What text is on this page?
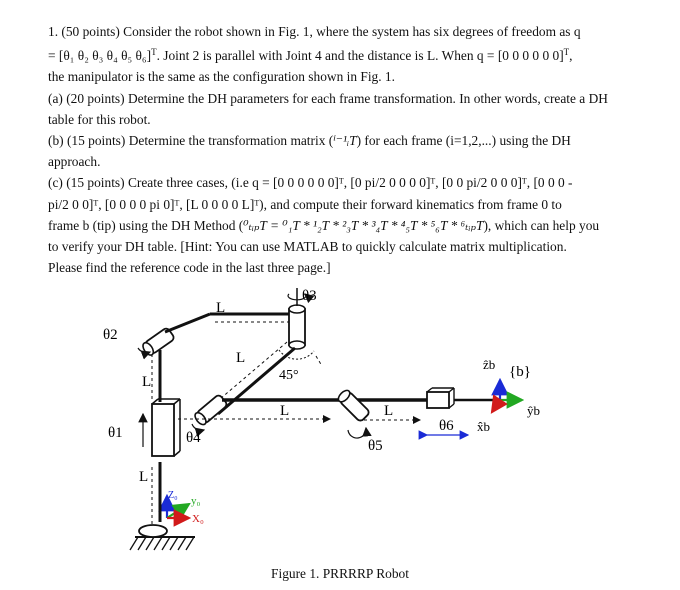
1. (50 points) Consider the robot shown in Fig. 1, where the system has six degrees of freedom as q

= [θ₁ θ₂ θ₃ θ₄ θ₅ θ₆]$^T$. Joint 2 is parallel with Joint 4 and the distance is L. When q = [0 0 0 0 0 0]$^T$,

the manipulator is the same as the configuration shown in Fig. 1.

(a) (20 points) Determine the DH parameters for each frame transformation. In other words, create a DH table for this robot.

(b) (15 points) Determine the transformation matrix (ⁱ⁻¹ᵢT) for each frame (i=1,2,...) using the DH approach.

(c) (15 points) Create three cases, (i.e q = [0 0 0 0 0 0]ᵀ, [0 pi/2 0 0 0 0]ᵀ, [0 0 pi/2 0 0 0]ᵀ, [0 0 0 -

pi/2 0 0]ᵀ, [0 0 0 0 pi 0]ᵀ, [L 0 0 0 0 L]ᵀ), and compute their forward kinematics from frame 0 to

frame b (tip) using the DH Method (⁰ₜᵢₚT = ⁰₁T * ¹₂T * ²₃T * ³₄T * ⁴₅T * ⁵₆T * ⁶ₜᵢₚT), which can help you

to verify your DH table. [Hint: You can use MATLAB to quickly calculate matrix multiplication.

Please find the reference code in the last three page.]

θ3
θ2
θ1	θ4	θ5
θ6
L
L
L
L
L	L
45°
ẑb {b}
ŷb
x̂b
Z₀ y₀
X₀
Figure 1. PRRRRP Robot
